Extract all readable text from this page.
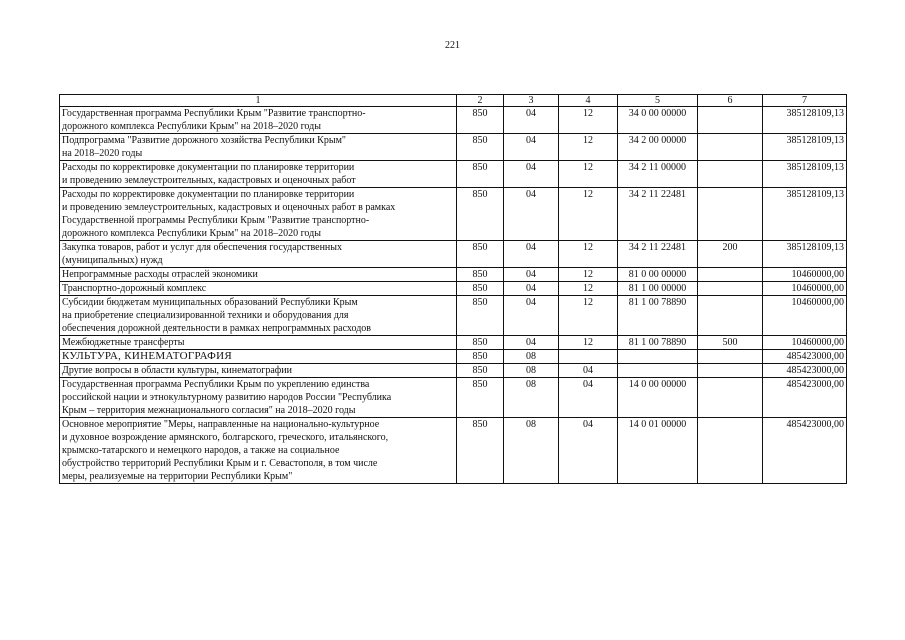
221
1	2	3	4	5	6	7
Государственная программа Республики Крым "Развитие транспортно-
дорожного комплекса Республики Крым" на 2018–2020 годы	850	04	12	34 0 00 00000		385128109,13
Подпрограмма "Развитие дорожного хозяйства Республики Крым"
на 2018–2020 годы	850	04	12	34 2 00 00000		385128109,13
Расходы по корректировке документации по планировке территории
и проведению землеустроительных, кадастровых и оценочных работ	850	04	12	34 2 11 00000		385128109,13
Расходы по корректировке документации по планировке территории
и проведению землеустроительных, кадастровых и оценочных работ в рамках
Государственной программы Республики Крым "Развитие транспортно-
дорожного комплекса Республики Крым" на 2018–2020 годы	850	04	12	34 2 11 22481		385128109,13
Закупка товаров, работ и услуг для обеспечения государственных
(муниципальных) нужд	850	04	12	34 2 11 22481	200	385128109,13
Непрограммные расходы отраслей экономики	850	04	12	81 0 00 00000		10460000,00
Транспортно-дорожный комплекс	850	04	12	81 1 00 00000		10460000,00
Субсидии бюджетам муниципальных образований Республики Крым
на приобретение специализированной техники и оборудования для
обеспечения дорожной деятельности в рамках непрограммных расходов	850	04	12	81 1 00 78890		10460000,00
Межбюджетные трансферты	850	04	12	81 1 00 78890	500	10460000,00
КУЛЬТУРА, КИНЕМАТОГРАФИЯ	850	08				485423000,00
Другие вопросы в области культуры, кинематографии	850	08	04			485423000,00
Государственная программа Республики Крым по укреплению единства
российской нации и этнокультурному развитию народов России "Республика
Крым – территория межнационального согласия" на 2018–2020 годы	850	08	04	14 0 00 00000		485423000,00
Основное мероприятие "Меры, направленные на национально-культурное
и духовное возрождение армянского, болгарского, греческого, итальянского,
крымско-татарского и немецкого народов, а также на социальное
обустройство территорий Республики Крым и г. Севастополя, в том числе
меры, реализуемые на территории Республики Крым"	850	08	04	14 0 01 00000		485423000,00
